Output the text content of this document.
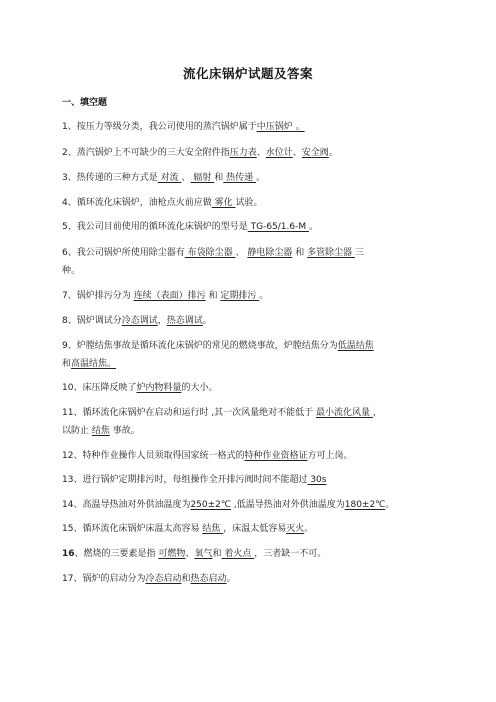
流化床锅炉试题及答案
一、填空题
1、按压力等级分类，我公司使用的蒸汽锅炉属于中压锅炉 。
2、蒸汽锅炉上不可缺少的三大安全附件指压力表、水位计、安全阀。
3、热传递的三种方式是 对流 、 辐射 和 热传递 。
4、循环流化床锅炉，油枪点火前应做 雾化 试验。
5、我公司目前使用的循环流化床锅炉的型号是 TG-65/1.6-M 。
6、我公司锅炉所使用除尘器有 布袋除尘器 、 静电除尘器 和 多管除尘器 三
种。
7、锅炉排污分为 连续（表面）排污 和 定期排污 。
8、锅炉调试分冷态调试，热态调试。
9、炉膛结焦事故是循环流化床锅炉的常见的燃烧事故，炉膛结焦分为低温结焦
和高温结焦。
10、床压降反映了炉内物料量的大小。
11、循环流化床锅炉在启动和运行时 ,其一次风量绝对不能低于 最小流化风量 ，
以防止 结焦 事故。
12、特种作业操作人员须取得国家统一格式的特种作业资格证方可上岗。
13、进行锅炉定期排污时，每组操作全开排污阀时间不能超过 30s
14、高温导热油对外供油温度为250±2℃ ,低温导热油对外供油温度为180±2℃。
15、循环流化床锅炉床温太高容易 结焦 ，床温太低容易灭火。
16、燃烧的三要素是指 可燃物、氧气和 着火点 ，三者缺一不可。
17、锅炉的启动分为冷态启动和热态启动。
